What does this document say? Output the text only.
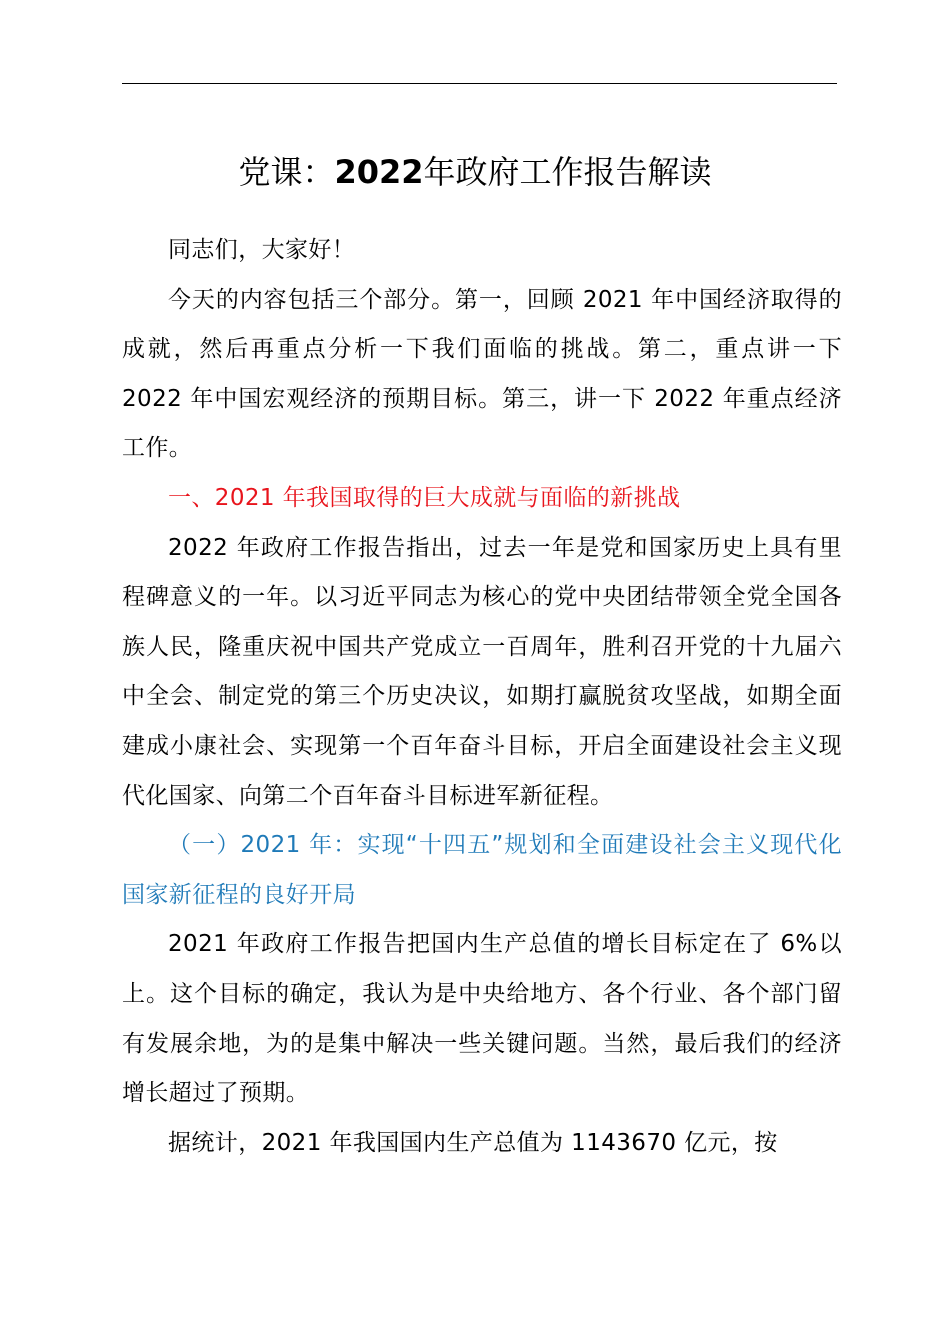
党课：2022年政府工作报告解读

同志们，大家好！

今天的内容包括三个部分。第一，回顾 2021 年中国经济取得的成就，然后再重点分析一下我们面临的挑战。第二，重点讲一下 2022 年中国宏观经济的预期目标。第三，讲一下 2022 年重点经济工作。

一、2021 年我国取得的巨大成就与面临的新挑战

2022 年政府工作报告指出，过去一年是党和国家历史上具有里程碑意义的一年。以习近平同志为核心的党中央团结带领全党全国各族人民，隆重庆祝中国共产党成立一百周年，胜利召开党的十九届六中全会、制定党的第三个历史决议，如期打赢脱贫攻坚战，如期全面建成小康社会、实现第一个百年奋斗目标，开启全面建设社会主义现代化国家、向第二个百年奋斗目标进军新征程。

（一）2021 年：实现“十四五”规划和全面建设社会主义现代化国家新征程的良好开局

2021 年政府工作报告把国内生产总值的增长目标定在了 6%以上。这个目标的确定，我认为是中央给地方、各个行业、各个部门留有发展余地，为的是集中解决一些关键问题。当然，最后我们的经济增长超过了预期。

据统计，2021 年我国国内生产总值为 1143670 亿元，按
